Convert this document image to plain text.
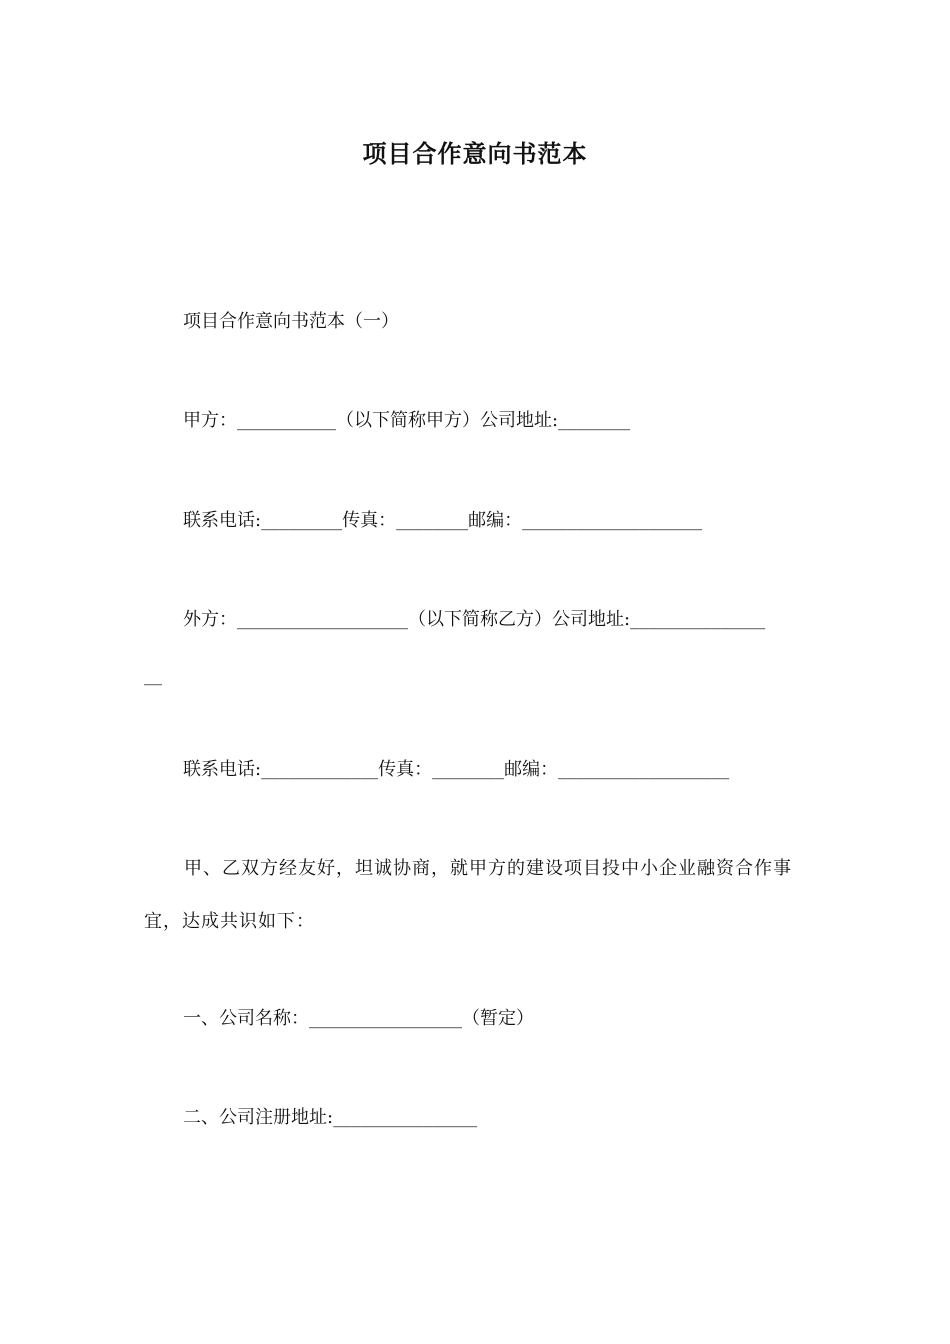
项目合作意向书范本

项目合作意向书范本（一）

甲方：___________（以下简称甲方）公司地址:________

联系电话:_________传真：________邮编：____________________

外方：___________________（以下简称乙方）公司地址:_______________

__

联系电话:_____________传真：________邮编：___________________

甲、乙双方经友好，坦诚协商，就甲方的建设项目投中小企业融资合作事宜，达成共识如下：

一、公司名称：_________________（暂定）

二、公司注册地址:________________
